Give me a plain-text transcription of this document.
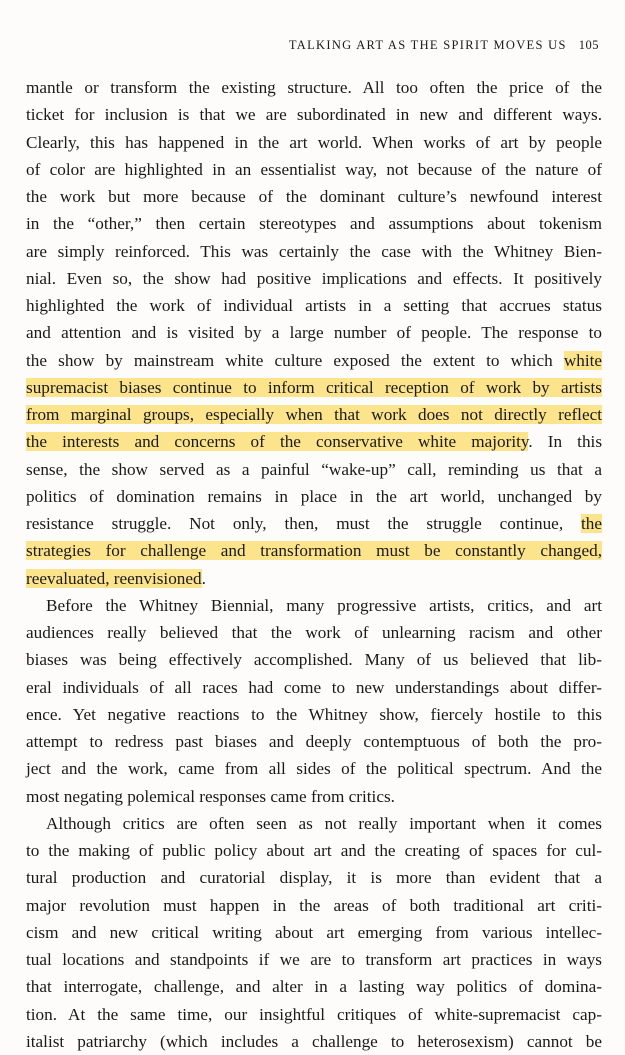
TALKING ART AS THE SPIRIT MOVES US 105
mantle or transform the existing structure. All too often the price of the
ticket for inclusion is that we are subordinated in new and different ways.
Clearly, this has happened in the art world. When works of art by people
of color are highlighted in an essentialist way, not because of the nature of
the work but more because of the dominant culture’s newfound interest
in the “other,” then certain stereotypes and assumptions about tokenism
are simply reinforced. This was certainly the case with the Whitney Bien-
nial. Even so, the show had positive implications and effects. It positively
highlighted the work of individual artists in a setting that accrues status
and attention and is visited by a large number of people. The response to
the show by mainstream white culture exposed the extent to which white
supremacist biases continue to inform critical reception of work by artists
from marginal groups, especially when that work does not directly reflect
the interests and concerns of the conservative white majority. In this
sense, the show served as a painful “wake-up” call, reminding us that a
politics of domination remains in place in the art world, unchanged by
resistance struggle. Not only, then, must the struggle continue, the
strategies for challenge and transformation must be constantly changed,
reevaluated, reenvisioned.
Before the Whitney Biennial, many progressive artists, critics, and art
audiences really believed that the work of unlearning racism and other
biases was being effectively accomplished. Many of us believed that lib-
eral individuals of all races had come to new understandings about differ-
ence. Yet negative reactions to the Whitney show, fiercely hostile to this
attempt to redress past biases and deeply contemptuous of both the pro-
ject and the work, came from all sides of the political spectrum. And the
most negating polemical responses came from critics.
Although critics are often seen as not really important when it comes
to the making of public policy about art and the creating of spaces for cul-
tural production and curatorial display, it is more than evident that a
major revolution must happen in the areas of both traditional art criti-
cism and new critical writing about art emerging from various intellec-
tual locations and standpoints if we are to transform art practices in ways
that interrogate, challenge, and alter in a lasting way politics of domina-
tion. At the same time, our insightful critiques of white-supremacist cap-
italist patriarchy (which includes a challenge to heterosexism) cannot be
